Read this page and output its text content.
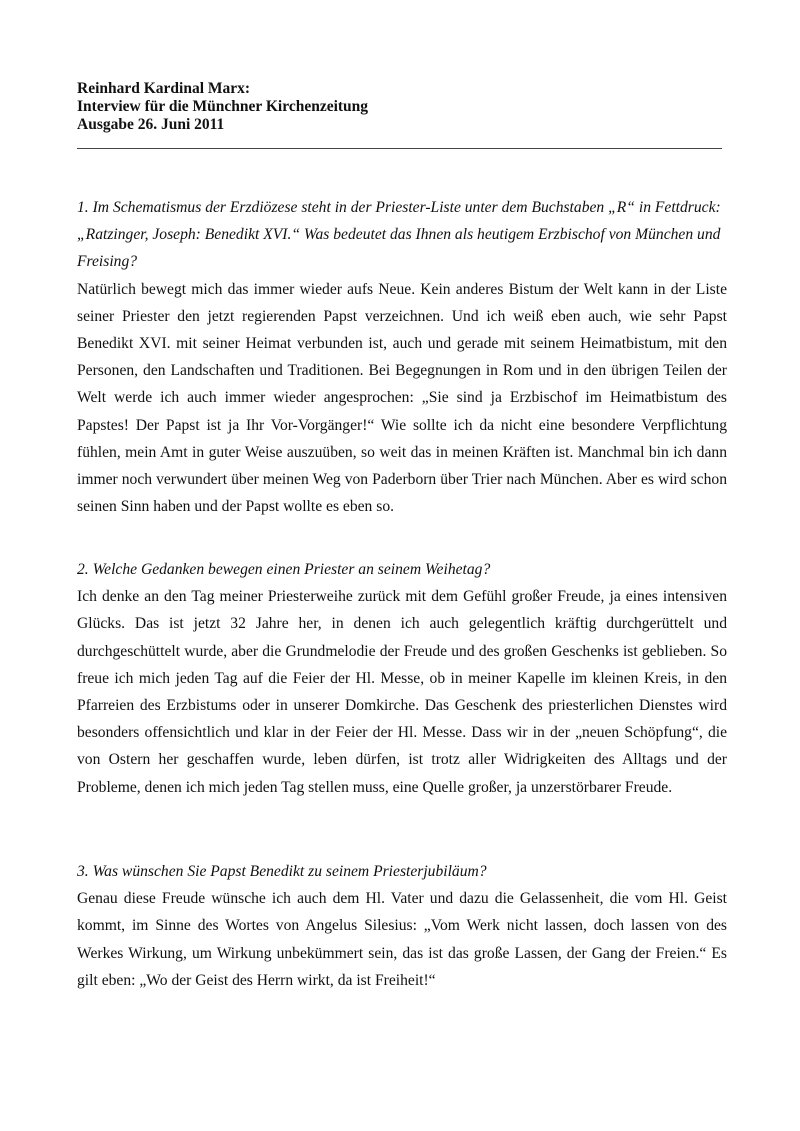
Reinhard Kardinal Marx:
Interview für die Münchner Kirchenzeitung
Ausgabe 26. Juni 2011

1. Im Schematismus der Erzdiözese steht in der Priester-Liste unter dem Buchstaben „R“ in Fettdruck: „Ratzinger, Joseph: Benedikt XVI.“ Was bedeutet das Ihnen als heutigem Erzbischof von München und Freising?

Natürlich bewegt mich das immer wieder aufs Neue. Kein anderes Bistum der Welt kann in der Liste seiner Priester den jetzt regierenden Papst verzeichnen. Und ich weiß eben auch, wie sehr Papst Benedikt XVI. mit seiner Heimat verbunden ist, auch und gerade mit seinem Heimatbistum, mit den Personen, den Landschaften und Traditionen. Bei Begegnungen in Rom und in den übrigen Teilen der Welt werde ich auch immer wieder angesprochen: „Sie sind ja Erzbischof im Heimatbistum des Papstes! Der Papst ist ja Ihr Vor-Vorgänger!“ Wie sollte ich da nicht eine besondere Verpflichtung fühlen, mein Amt in guter Weise auszuüben, so weit das in meinen Kräften ist. Manchmal bin ich dann immer noch verwundert über meinen Weg von Paderborn über Trier nach München. Aber es wird schon seinen Sinn haben und der Papst wollte es eben so.

2. Welche Gedanken bewegen einen Priester an seinem Weihetag?

Ich denke an den Tag meiner Priesterweihe zurück mit dem Gefühl großer Freude, ja eines intensiven Glücks. Das ist jetzt 32 Jahre her, in denen ich auch gelegentlich kräftig durchgerüttelt und durchgeschüttelt wurde, aber die Grundmelodie der Freude und des großen Geschenks ist geblieben. So freue ich mich jeden Tag auf die Feier der Hl. Messe, ob in meiner Kapelle im kleinen Kreis, in den Pfarreien des Erzbistums oder in unserer Domkirche. Das Geschenk des priesterlichen Dienstes wird besonders offensichtlich und klar in der Feier der Hl. Messe. Dass wir in der „neuen Schöpfung“, die von Ostern her geschaffen wurde, leben dürfen, ist trotz aller Widrigkeiten des Alltags und der Probleme, denen ich mich jeden Tag stellen muss, eine Quelle großer, ja unzerstörbarer Freude.

3. Was wünschen Sie Papst Benedikt zu seinem Priesterjubiläum?

Genau diese Freude wünsche ich auch dem Hl. Vater und dazu die Gelassenheit, die vom Hl. Geist kommt, im Sinne des Wortes von Angelus Silesius: „Vom Werk nicht lassen, doch lassen von des Werkes Wirkung, um Wirkung unbekümmert sein, das ist das große Lassen, der Gang der Freien.“ Es gilt eben: „Wo der Geist des Herrn wirkt, da ist Freiheit!“
